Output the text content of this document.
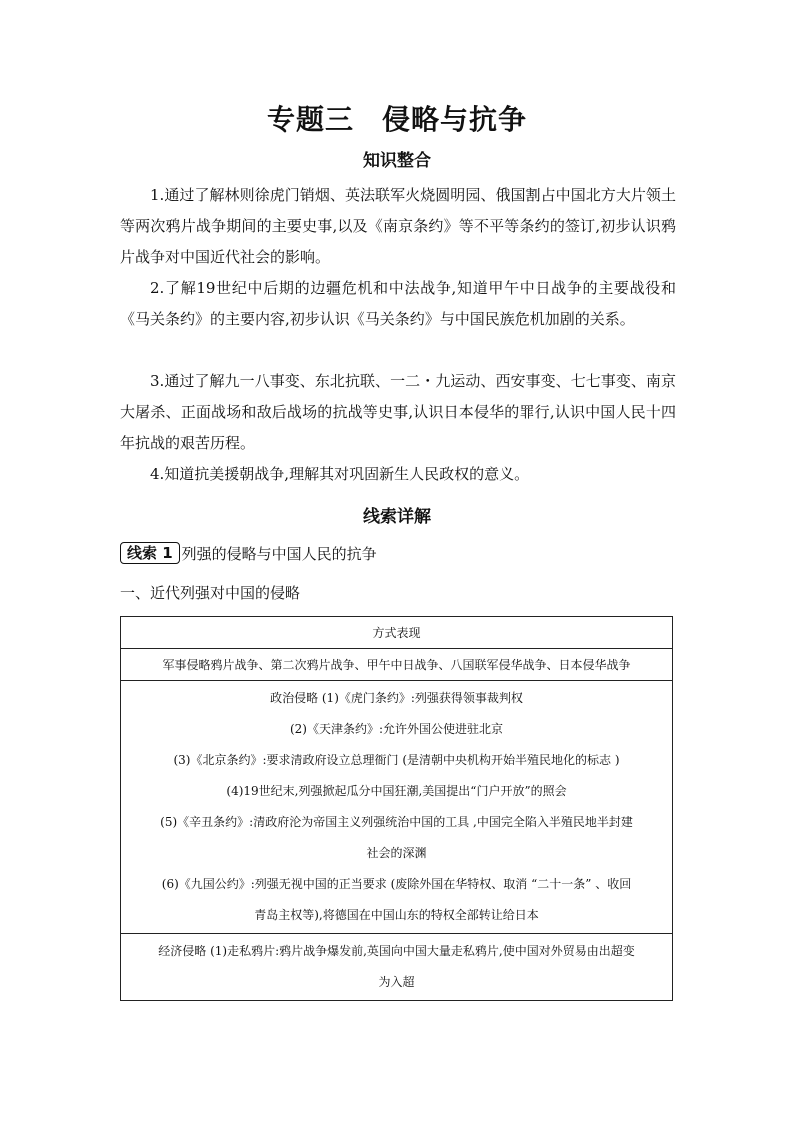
专题三 侵略与抗争
知识整合
1.通过了解林则徐虎门销烟、英法联军火烧圆明园、俄国割占中国北方大片领土等两次鸦片战争期间的主要史事,以及《南京条约》等不平等条约的签订,初步认识鸦片战争对中国近代社会的影响。
2.了解19世纪中后期的边疆危机和中法战争,知道甲午中日战争的主要战役和《马关条约》的主要内容,初步认识《马关条约》与中国民族危机加剧的关系。
3.通过了解九一八事变、东北抗联、一二・九运动、西安事变、七七事变、南京大屠杀、正面战场和敌后战场的抗战等史事,认识日本侵华的罪行,认识中国人民十四年抗战的艰苦历程。
4.知道抗美援朝战争,理解其对巩固新生人民政权的意义。
线索详解
线索 1 列强的侵略与中国人民的抗争
一、近代列强对中国的侵略
方式表现
军事侵略鸦片战争、第二次鸦片战争、甲午中日战争、八国联军侵华战争、日本侵华战争

政治侵略 (1)《虎门条约》:列强获得领事裁判权
(2)《天津条约》:允许外国公使进驻北京
(3)《北京条约》:要求清政府设立总理衙门 (是清朝中央机构开始半殖民地化的标志 )
(4)19世纪末,列强掀起瓜分中国狂潮,美国提出“门户开放”的照会
(5)《辛丑条约》:清政府沦为帝国主义列强统治中国的工具 ,中国完全陷入半殖民地半封建
社会的深渊
(6)《九国公约》:列强无视中国的正当要求 (废除外国在华特权、取消 “二十一条” 、收回
青岛主权等),将德国在中国山东的特权全部转让给日本

经济侵略 (1)走私鸦片:鸦片战争爆发前,英国向中国大量走私鸦片,使中国对外贸易由出超变
为入超
